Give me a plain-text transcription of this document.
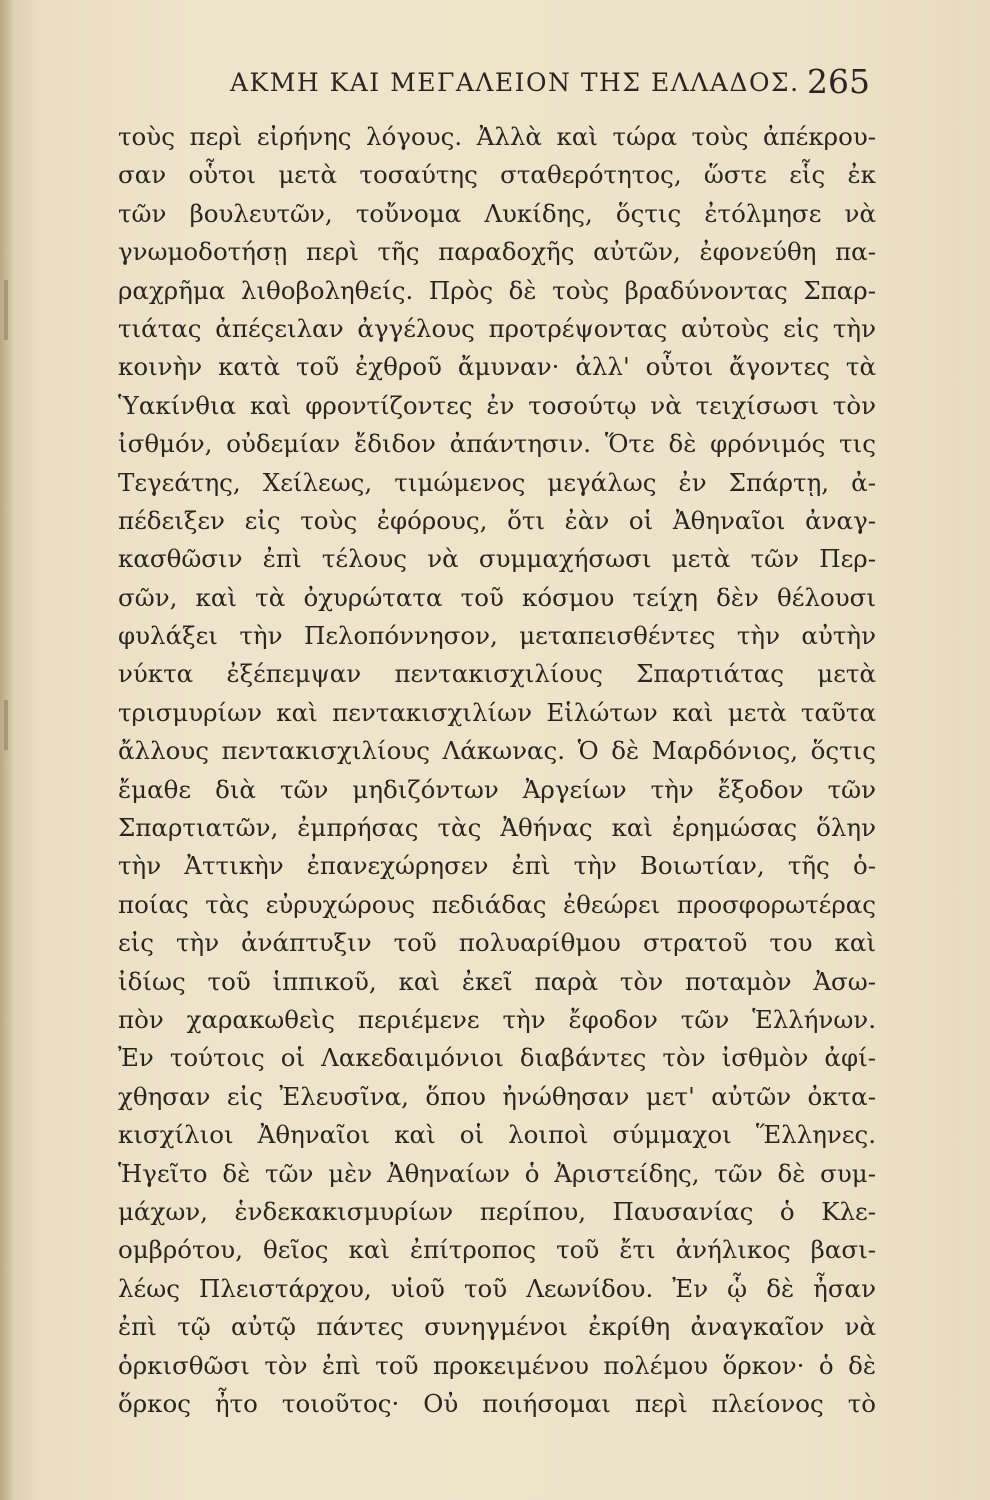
ΑΚΜΗ ΚΑΙ ΜΕΓΑΛΕΙΟΝ ΤΗΣ ΕΛΛΑΔΟΣ. 265
τοὺς περὶ εἰρήνης λόγους. Ἀλλὰ καὶ τώρα τοὺς ἀπέκρου-
σαν οὗτοι μετὰ τοσαύτης σταθερότητος, ὥστε εἷς ἐκ
τῶν βουλευτῶν, τοὔνομα Λυκίδης, ὅςτις ἐτόλμησε νὰ
γνωμοδοτήσῃ περὶ τῆς παραδοχῆς αὐτῶν, ἐφονεύθη πα-
ραχρῆμα λιθοβοληθείς. Πρὸς δὲ τοὺς βραδύνοντας Σπαρ-
τιάτας ἀπέςειλαν ἀγγέλους προτρέψοντας αὐτοὺς εἰς τὴν
κοινὴν κατὰ τοῦ ἐχθροῦ ἄμυναν· ἀλλ' οὗτοι ἄγοντες τὰ
Ὑακίνθια καὶ φροντίζοντες ἐν τοσούτῳ νὰ τειχίσωσι τὸν
ἰσθμόν, οὐδεμίαν ἔδιδον ἀπάντησιν. Ὅτε δὲ φρόνιμός τις
Τεγεάτης, Χείλεως, τιμώμενος μεγάλως ἐν Σπάρτῃ, ἀ-
πέδειξεν εἰς τοὺς ἐφόρους, ὅτι ἐὰν οἱ Ἀθηναῖοι ἀναγ-
κασθῶσιν ἐπὶ τέλους νὰ συμμαχήσωσι μετὰ τῶν Περ-
σῶν, καὶ τὰ ὀχυρώτατα τοῦ κόσμου τείχη δὲν θέλουσι
φυλάξει τὴν Πελοπόννησον, μεταπεισθέντες τὴν αὐτὴν
νύκτα ἐξέπεμψαν πεντακισχιλίους Σπαρτιάτας μετὰ
τρισμυρίων καὶ πεντακισχιλίων Εἱλώτων καὶ μετὰ ταῦτα
ἄλλους πεντακισχιλίους Λάκωνας. Ὁ δὲ Μαρδόνιος, ὅςτις
ἔμαθε διὰ τῶν μηδιζόντων Ἀργείων τὴν ἔξοδον τῶν
Σπαρτιατῶν, ἐμπρήσας τὰς Ἀθήνας καὶ ἐρημώσας ὅλην
τὴν Ἀττικὴν ἐπανεχώρησεν ἐπὶ τὴν Βοιωτίαν, τῆς ὁ-
ποίας τὰς εὐρυχώρους πεδιάδας ἐθεώρει προσφορωτέρας
εἰς τὴν ἀνάπτυξιν τοῦ πολυαρίθμου στρατοῦ του καὶ
ἰδίως τοῦ ἱππικοῦ, καὶ ἐκεῖ παρὰ τὸν ποταμὸν Ἀσω-
πὸν χαρακωθεὶς περιέμενε τὴν ἔφοδον τῶν Ἑλλήνων.
Ἐν τούτοις οἱ Λακεδαιμόνιοι διαβάντες τὸν ἰσθμὸν ἀφί-
χθησαν εἰς Ἐλευσῖνα, ὅπου ἠνώθησαν μετ' αὐτῶν ὀκτα-
κισχίλιοι Ἀθηναῖοι καὶ οἱ λοιποὶ σύμμαχοι Ἕλληνες.
Ἡγεῖτο δὲ τῶν μὲν Ἀθηναίων ὁ Ἀριστείδης, τῶν δὲ συμ-
μάχων, ἑνδεκακισμυρίων περίπου, Παυσανίας ὁ Κλε-
ομβρότου, θεῖος καὶ ἐπίτροπος τοῦ ἔτι ἀνήλικος βασι-
λέως Πλειστάρχου, υἱοῦ τοῦ Λεωνίδου. Ἐν ᾧ δὲ ἦσαν
ἐπὶ τῷ αὐτῷ πάντες συνηγμένοι ἐκρίθη ἀναγκαῖον νὰ
ὁρκισθῶσι τὸν ἐπὶ τοῦ προκειμένου πολέμου ὅρκον· ὁ δὲ
ὅρκος ἦτο τοιοῦτος· Οὐ ποιήσομαι περὶ πλείονος τὸ
